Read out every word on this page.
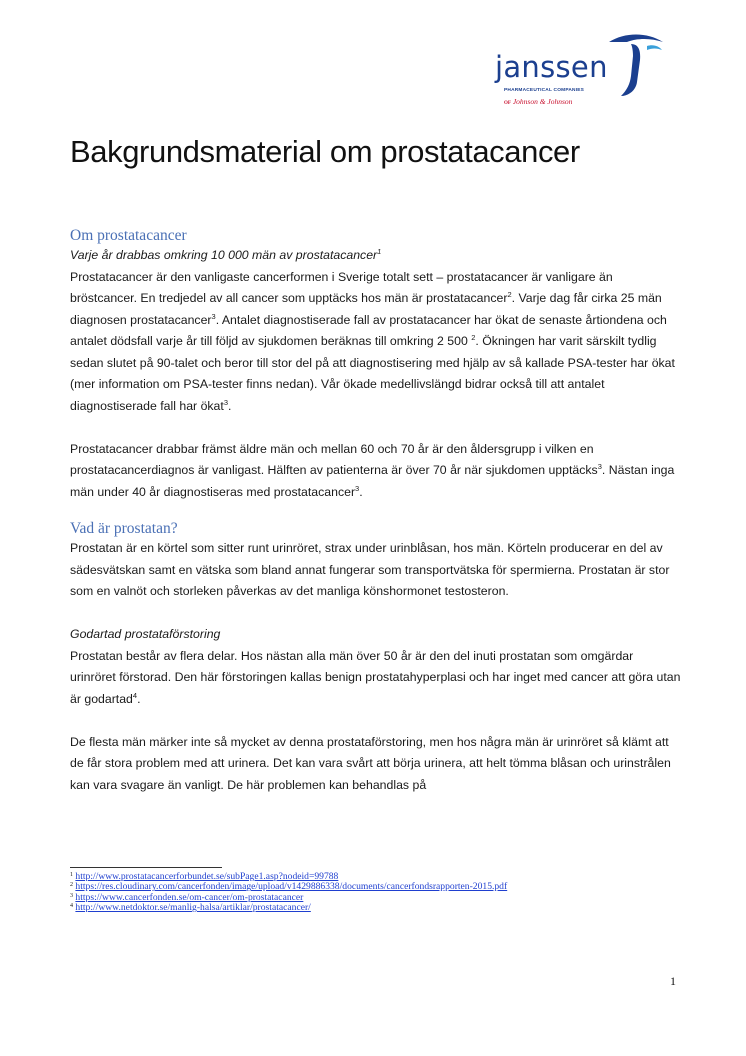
janssen
PHARMACEUTICAL COMPANIES
OF Johnson & Johnson
Bakgrundsmaterial om prostatacancer
Om prostatacancer
Varje år drabbas omkring 10 000 män av prostatacancer$^1$

Prostatacancer är den vanligaste cancerformen i Sverige totalt sett – prostatacancer är vanligare än bröstcancer. En tredjedel av all cancer som upptäcks hos män är prostatacancer$^2$. Varje dag får cirka 25 män diagnosen prostatacancer$^3$. Antalet diagnostiserade fall av prostatacancer har ökat de senaste årtiondena och antalet dödsfall varje år till följd av sjukdomen beräknas till omkring 2 500 $^2$. Ökningen har varit särskilt tydlig sedan slutet på 90-talet och beror till stor del på att diagnostisering med hjälp av så kallade PSA-tester har ökat (mer information om PSA-tester finns nedan). Vår ökade medellivslängd bidrar också till att antalet diagnostiserade fall har ökat$^3$.

Prostatacancer drabbar främst äldre män och mellan 60 och 70 år är den åldersgrupp i vilken en prostatacancerdiagnos är vanligast. Hälften av patienterna är över 70 år när sjukdomen upptäcks$^3$. Nästan inga män under 40 år diagnostiseras med prostatacancer$^3$.

Vad är prostatan?

Prostatan är en körtel som sitter runt urinröret, strax under urinblåsan, hos män. Körteln producerar en del av sädesvätskan samt en vätska som bland annat fungerar som transportvätska för spermierna. Prostatan är stor som en valnöt och storleken påverkas av det manliga könshormonet testosteron.

Godartad prostataförstoring

Prostatan består av flera delar. Hos nästan alla män över 50 år är den del inuti prostatan som omgärdar urinröret förstorad. Den här förstoringen kallas benign prostatahyperplasi och har inget med cancer att göra utan är godartad$^4$.

De flesta män märker inte så mycket av denna prostataförstoring, men hos några män är urinröret så klämt att de får stora problem med att urinera. Det kan vara svårt att börja urinera, att helt tömma blåsan och urinstrålen kan vara svagare än vanligt. De här problemen kan behandlas på

$^1$ http://www.prostatacancerforbundet.se/subPage1.asp?nodeid=99788
$^2$ https://res.cloudinary.com/cancerfonden/image/upload/v1429886338/documents/cancerfondsrapporten-2015.pdf
$^3$ https://www.cancerfonden.se/om-cancer/om-prostatacancer
$^4$ http://www.netdoktor.se/manlig-halsa/artiklar/prostatacancer/
1
